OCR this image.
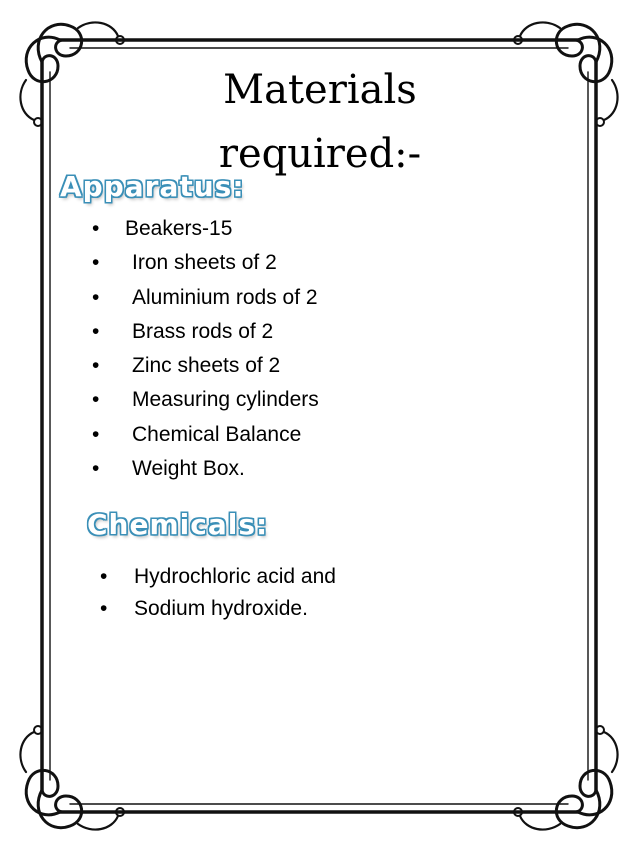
Materials
required:-
Apparatus:
• Beakers-15
• Iron sheets of 2
• Aluminium rods of 2
• Brass rods of 2
• Zinc sheets of 2
• Measuring cylinders
• Chemical Balance
• Weight Box.
Chemicals:
• Hydrochloric acid and
• Sodium hydroxide.
